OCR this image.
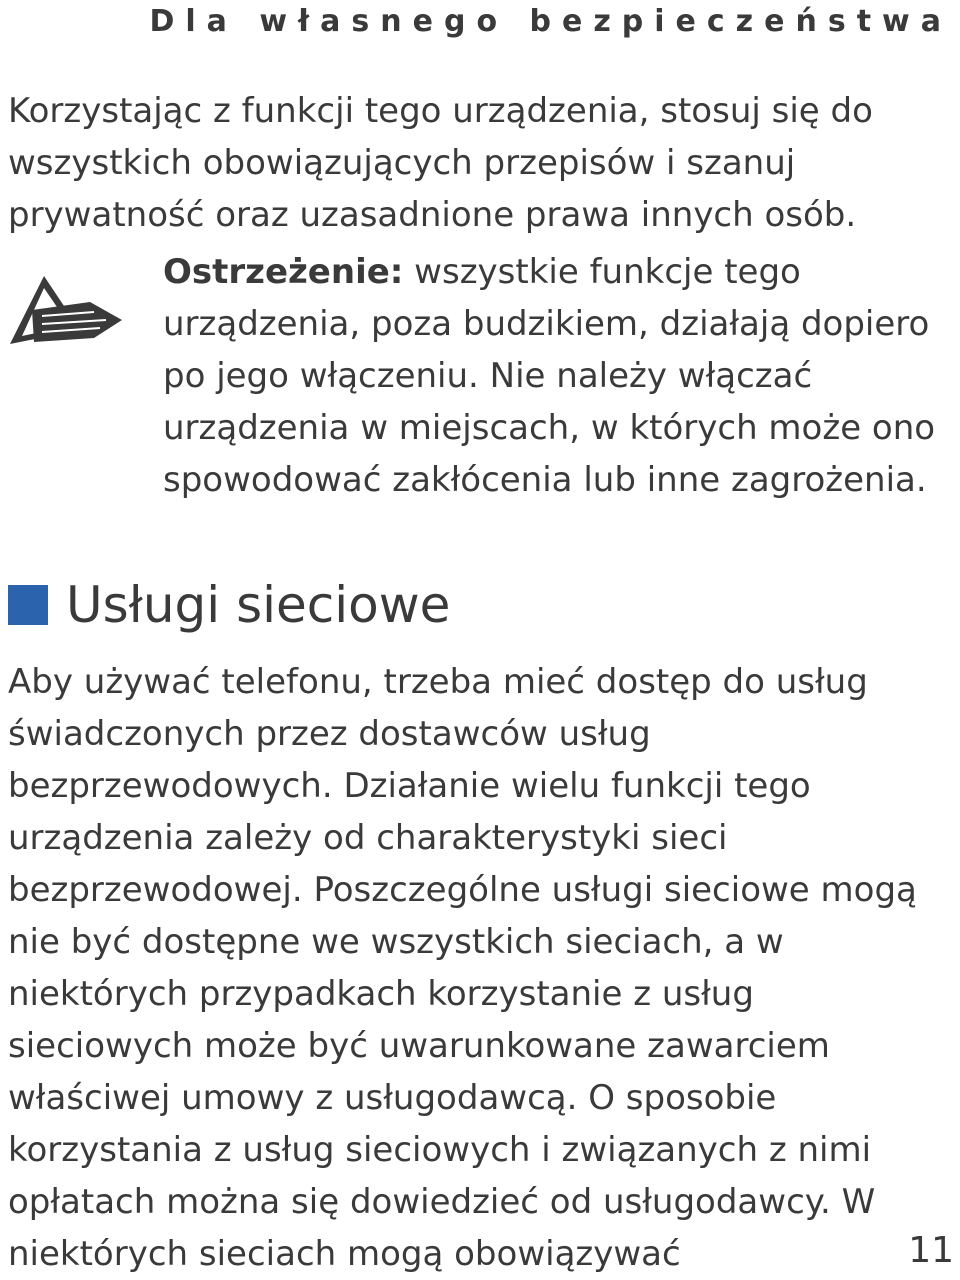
Dla własnego bezpieczeństwa
Korzystając z funkcji tego urządzenia, stosuj się do wszystkich obowiązujących przepisów i szanuj prywatność oraz uzasadnione prawa innych osób.
Ostrzeżenie: wszystkie funkcje tego urządzenia, poza budzikiem, działają dopiero po jego włączeniu. Nie należy włączać urządzenia w miejscach, w których może ono spowodować zakłócenia lub inne zagrożenia.
Usługi sieciowe
Aby używać telefonu, trzeba mieć dostęp do usług świadczonych przez dostawców usług bezprzewodowych. Działanie wielu funkcji tego urządzenia zależy od charakterystyki sieci bezprzewodowej. Poszczególne usługi sieciowe mogą nie być dostępne we wszystkich sieciach, a w niektórych przypadkach korzystanie z usług sieciowych może być uwarunkowane zawarciem właściwej umowy z usługodawcą. O sposobie korzystania z usług sieciowych i związanych z nimi opłatach można się dowiedzieć od usługodawcy. W niektórych sieciach mogą obowiązywać	11
